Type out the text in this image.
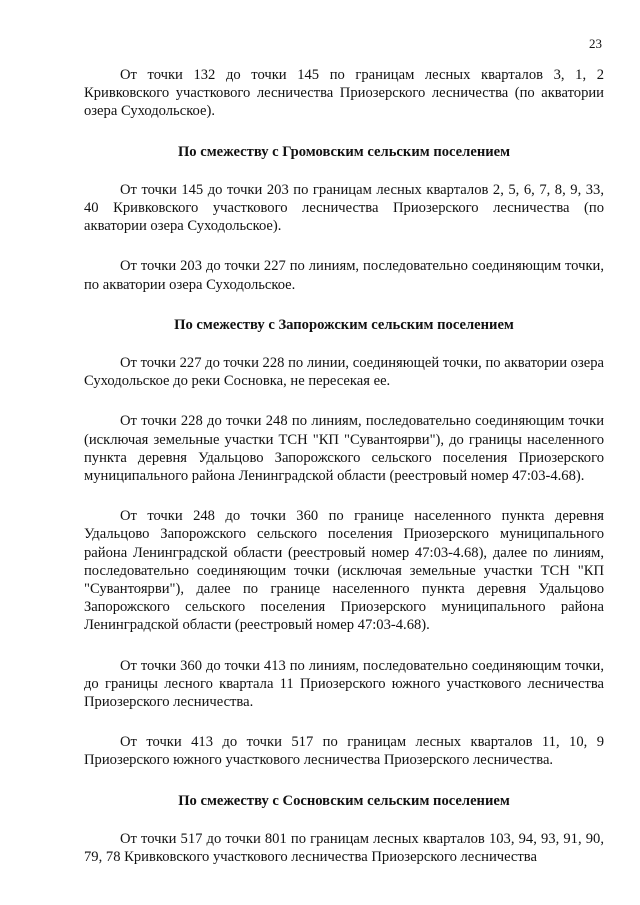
23

От точки 132 до точки 145 по границам лесных кварталов 3, 1, 2 Кривковского участкового лесничества Приозерского лесничества (по акватории озера Суходольское).

По смежеству с Громовским сельским поселением

От точки 145 до точки 203 по границам лесных кварталов 2, 5, 6, 7, 8, 9, 33, 40 Кривковского участкового лесничества Приозерского лесничества (по акватории озера Суходольское).

От точки 203 до точки 227 по линиям, последовательно соединяющим точки, по акватории озера Суходольское.

По смежеству с Запорожским сельским поселением

От точки 227 до точки 228 по линии, соединяющей точки, по акватории озера Суходольское до реки Сосновка, не пересекая ее.

От точки 228 до точки 248 по линиям, последовательно соединяющим точки (исключая земельные участки ТСН "КП "Сувантоярви"), до границы населенного пункта деревня Удальцово Запорожского сельского поселения Приозерского муниципального района Ленинградской области (реестровый номер 47:03-4.68).

От точки 248 до точки 360 по границе населенного пункта деревня Удальцово Запорожского сельского поселения Приозерского муниципального района Ленинградской области (реестровый номер 47:03-4.68), далее по линиям, последовательно соединяющим точки (исключая земельные участки ТСН "КП "Сувантоярви"), далее по границе населенного пункта деревня Удальцово Запорожского сельского поселения Приозерского муниципального района Ленинградской области (реестровый номер 47:03-4.68).

От точки 360 до точки 413 по линиям, последовательно соединяющим точки, до границы лесного квартала 11 Приозерского южного участкового лесничества Приозерского лесничества.

От точки 413 до точки 517 по границам лесных кварталов 11, 10, 9 Приозерского южного участкового лесничества Приозерского лесничества.

По смежеству с Сосновским сельским поселением

От точки 517 до точки 801 по границам лесных кварталов 103, 94, 93, 91, 90, 79, 78 Кривковского участкового лесничества Приозерского лесничества
